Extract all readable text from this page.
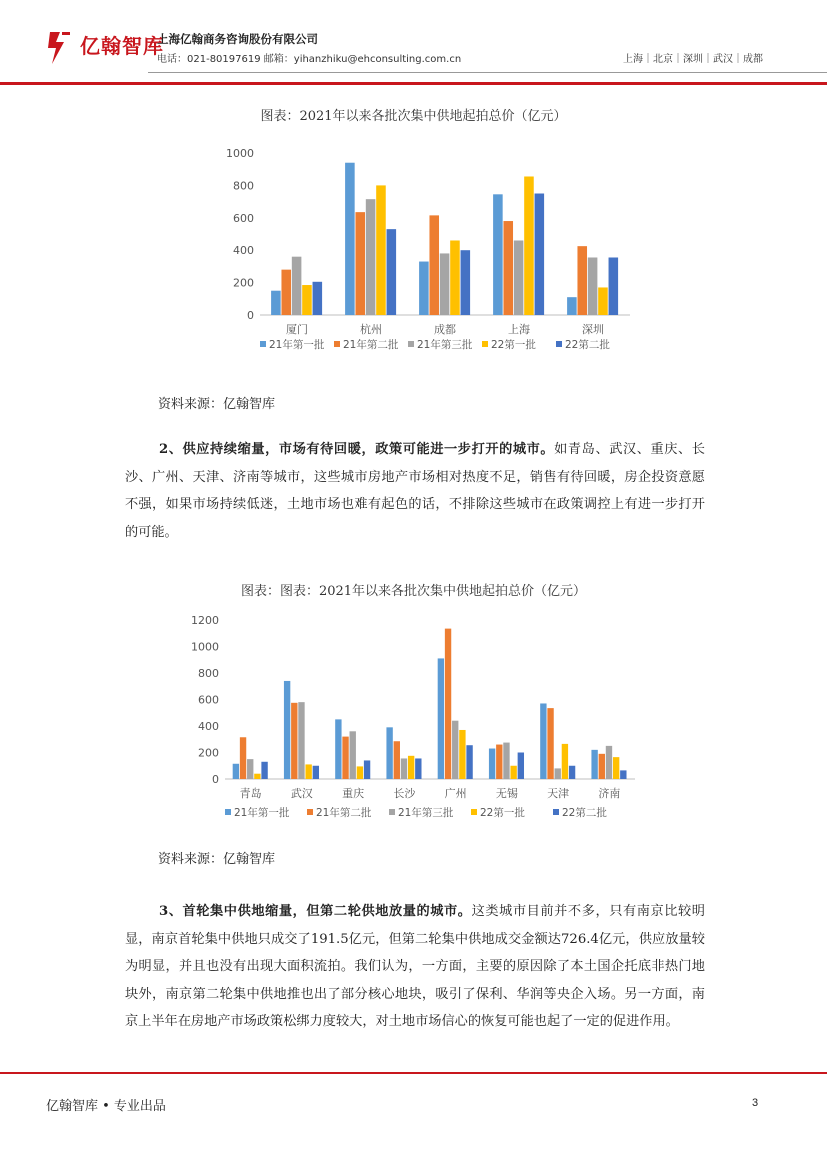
亿翰智库
上海亿翰商务咨询股份有限公司
电话：021-80197619 邮箱：yihanzhiku@ehconsulting.com.cn	上海｜北京｜深圳｜武汉｜成都
图表：2021年以来各批次集中供地起拍总价（亿元）
0
200
400
600
800
1000
厦门	杭州	成都	上海	深圳
21年第一批 21年第二批 21年第三批 22第一批	22第二批
资料来源：亿翰智库
2、供应持续缩量，市场有待回暖，政策可能进一步打开的城市。如青岛、武汉、重庆、长沙、广州、天津、济南等城市，这些城市房地产市场相对热度不足，销售有待回暖，房企投资意愿不强，如果市场持续低迷，土地市场也难有起色的话，不排除这些城市在政策调控上有进一步打开的可能。
图表：图表：2021年以来各批次集中供地起拍总价（亿元）
0
200
400
600
800
1000
1200
青岛	武汉	重庆	长沙	广州	无锡	天津	济南
21年第一批	21年第二批	21年第三批	22第一批	22第二批
资料来源：亿翰智库
3、首轮集中供地缩量，但第二轮供地放量的城市。这类城市目前并不多，只有南京比较明显，南京首轮集中供地只成交了191.5亿元，但第二轮集中供地成交金额达726.4亿元，供应放量较为明显，并且也没有出现大面积流拍。我们认为，一方面，主要的原因除了本土国企托底非热门地块外，南京第二轮集中供地推也出了部分核心地块，吸引了保利、华润等央企入场。另一方面，南京上半年在房地产市场政策松绑力度较大，对土地市场信心的恢复可能也起了一定的促进作用。
亿翰智库 • 专业出品	3
